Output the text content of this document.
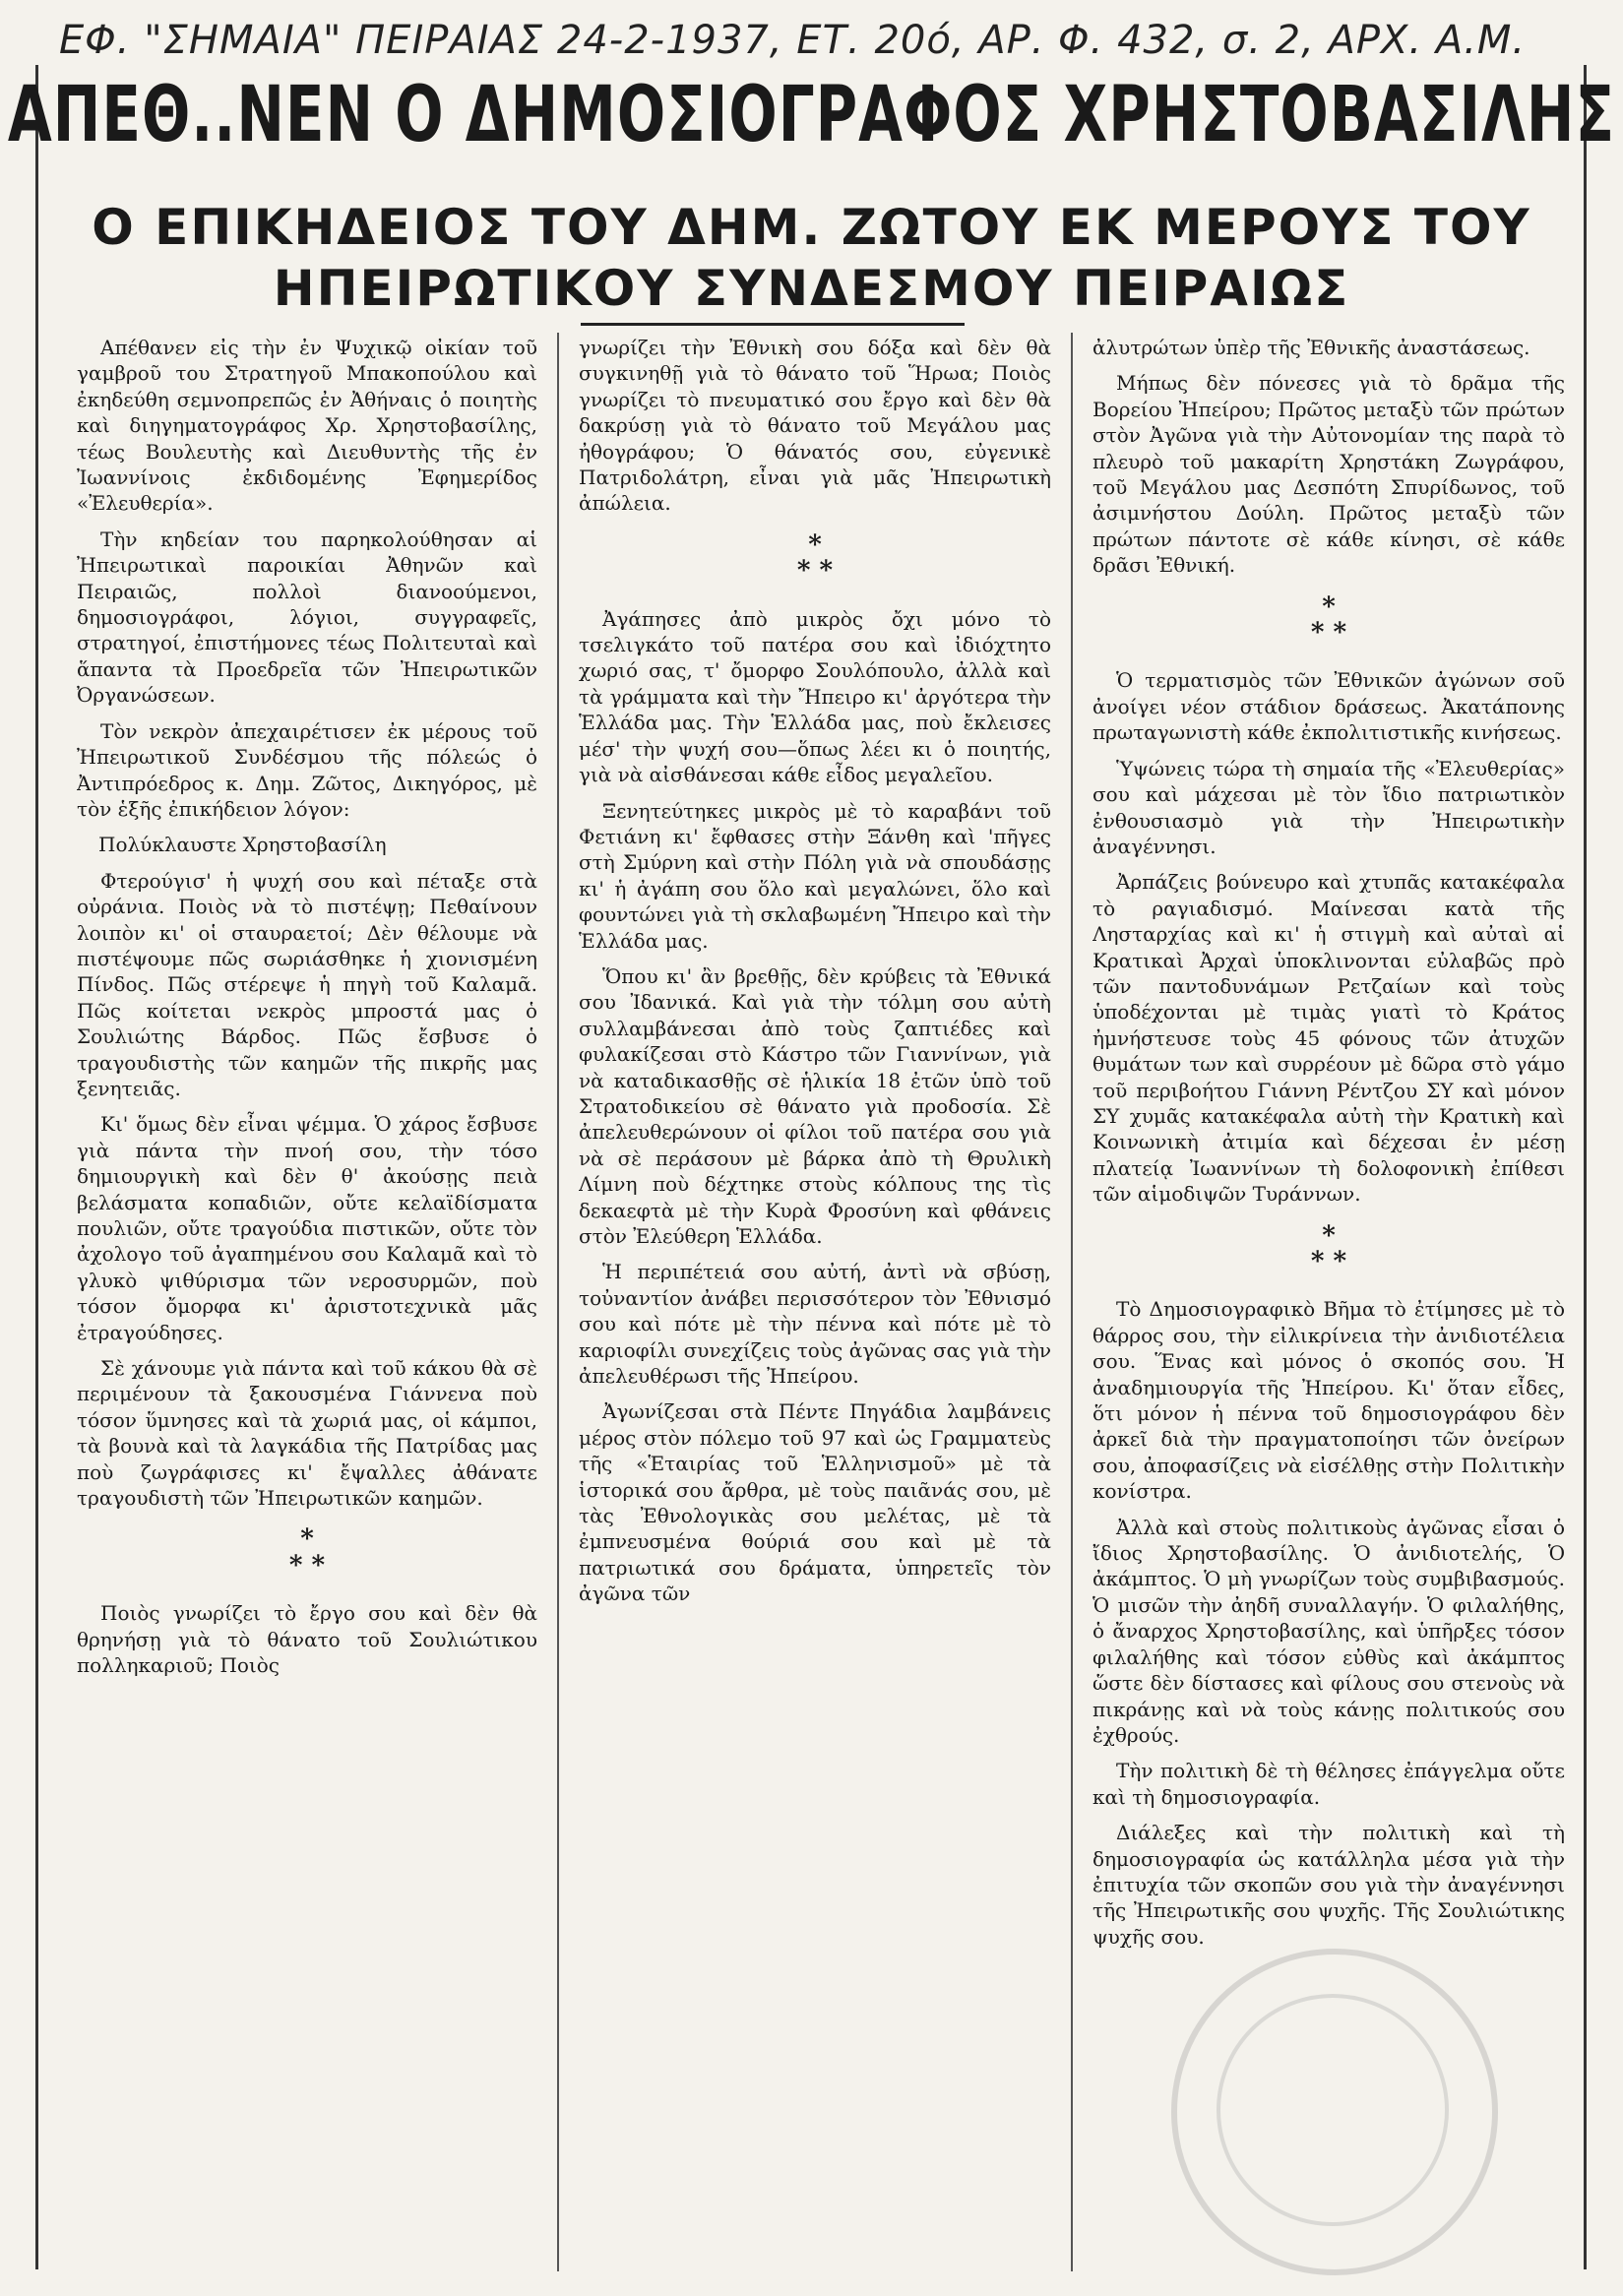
ΕΦ. "ΣΗΜΑΙΑ" ΠΕΙΡΑΙΑΣ 24-2-1937, ΕΤ. 20ό, ΑΡ. Φ. 432, σ. 2, ΑΡΧ. Α.Μ.
ΑΠΕΘ..ΝΕΝ Ο ΔΗΜΟΣΙΟΓΡΑΦΟΣ ΧΡΗΣΤΟΒΑΣΙΛΗΣ
Ο ΕΠΙΚΗΔΕΙΟΣ ΤΟΥ ΔΗΜ. ΖΩΤΟΥ ΕΚ ΜΕΡΟΥΣ ΤΟΥ
ΗΠΕΙΡΩΤΙΚΟΥ ΣΥΝΔΕΣΜΟΥ ΠΕΙΡΑΙΩΣ

Απέθανεν εἰς τὴν ἐν Ψυχικῷ οἰκίαν τοῦ γαμβροῦ του Στρατηγοῦ Μπακοπούλου καὶ ἐκηδεύθη σεμνοπρεπῶς ἐν Ἀθήναις ὁ ποιητὴς καὶ διηγηματογράφος Χρ. Χρηστοβασίλης, τέως Βουλευτὴς καὶ Διευθυντὴς τῆς ἐν Ἰωαννίνοις ἐκδιδομένης Ἐφημερίδος «Ἐλευθερία».

Τὴν κηδείαν του παρηκολούθησαν αἱ Ἠπειρωτικαὶ παροικίαι Ἀθηνῶν καὶ Πειραιῶς, πολλοὶ διανοούμενοι, δημοσιογράφοι, λόγιοι, συγγραφεῖς, στρατηγοί, ἐπιστήμονες τέως Πολιτευταὶ καὶ ἅπαντα τὰ Προεδρεῖα τῶν Ἠπειρωτικῶν Ὀργανώσεων.

Τὸν νεκρὸν ἀπεχαιρέτισεν ἐκ μέρους τοῦ Ἠπειρωτικοῦ Συνδέσμου τῆς πόλεώς ὁ Ἀντιπρόεδρος κ. Δημ. Ζῶτος, Δικηγόρος, μὲ τὸν ἑξῆς ἐπικήδειον λόγον:

Πολύκλαυστε Χρηστοβασίλη

Φτερούγισ' ἡ ψυχή σου καὶ πέταξε στὰ οὐράνια. Ποιὸς νὰ τὸ πιστέψῃ; Πεθαίνουν λοιπὸν κι' οἱ σταυραετοί; Δὲν θέλουμε νὰ πιστέψουμε πῶς σωριάσθηκε ἡ χιονισμένη Πίνδος. Πῶς στέρεψε ἡ πηγὴ τοῦ Καλαμᾶ. Πῶς κοίτεται νεκρὸς μπροστά μας ὁ Σουλιώτης Βάρδος. Πῶς ἔσβυσε ὁ τραγουδιστὴς τῶν καημῶν τῆς πικρῆς μας ξενητειᾶς.

Κι' ὅμως δὲν εἶναι ψέμμα. Ὁ χάρος ἔσβυσε γιὰ πάντα τὴν πνοή σου, τὴν τόσο δημιουργικὴ καὶ δὲν θ' ἀκούσῃς πειὰ βελάσματα κοπαδιῶν, οὔτε κελαϊδίσματα πουλιῶν, οὔτε τραγούδια πιστικῶν, οὔτε τὸν ἀχολογο τοῦ ἀγαπημένου σου Καλαμᾶ καὶ τὸ γλυκὸ ψιθύρισμα τῶν νεροσυρμῶν, ποὺ τόσον ὄμορφα κι' ἀριστοτεχνικὰ μᾶς ἐτραγούδησες.

Σὲ χάνουμε γιὰ πάντα καὶ τοῦ κάκου θὰ σὲ περιμένουν τὰ ξακουσμένα Γιάννενα ποὺ τόσον ὕμνησες καὶ τὰ χωριά μας, οἱ κάμποι, τὰ βουνὰ καὶ τὰ λαγκάδια τῆς Πατρίδας μας ποὺ ζωγράφισες κι' ἔψαλλες ἀθάνατε τραγουδιστὴ τῶν Ἠπειρωτικῶν καημῶν.

*
* *

Ποιὸς γνωρίζει τὸ ἔργο σου καὶ δὲν θὰ θρηνήσῃ γιὰ τὸ θάνατο τοῦ Σουλιώτικου πολληκαριοῦ; Ποιὸς

γνωρίζει τὴν Ἐθνικὴ σου δόξα καὶ δὲν θὰ συγκινηθῇ γιὰ τὸ θάνατο τοῦ Ἥρωα; Ποιὸς γνωρίζει τὸ πνευματικό σου ἔργο καὶ δὲν θὰ δακρύσῃ γιὰ τὸ θάνατο τοῦ Μεγάλου μας ἠθογράφου; Ὁ θάνατός σου, εὐγενικὲ Πατριδολάτρη, εἶναι γιὰ μᾶς Ἠπειρωτικὴ ἀπώλεια.

*
* *

Ἀγάπησες ἀπὸ μικρὸς ὄχι μόνο τὸ τσελιγκάτο τοῦ πατέρα σου καὶ ἰδιόχτητο χωριό σας, τ' ὄμορφο Σουλόπουλο, ἀλλὰ καὶ τὰ γράμματα καὶ τὴν Ἤπειρο κι' ἀργότερα τὴν Ἑλλάδα μας. Τὴν Ἑλλάδα μας, ποὺ ἔκλεισες μέσ' τὴν ψυχή σου—ὅπως λέει κι ὁ ποιητής, γιὰ νὰ αἰσθάνεσαι κάθε εἶδος μεγαλεῖου.

Ξενητεύτηκες μικρὸς μὲ τὸ καραβάνι τοῦ Φετιάνη κι' ἔφθασες στὴν Ξάνθη καὶ 'πῆγες στὴ Σμύρνη καὶ στὴν Πόλη γιὰ νὰ σπουδάσῃς κι' ἡ ἀγάπη σου ὅλο καὶ μεγαλώνει, ὅλο καὶ φουντώνει γιὰ τὴ σκλαβωμένη Ἤπειρο καὶ τὴν Ἑλλάδα μας.

Ὅπου κι' ἂν βρεθῇς, δὲν κρύβεις τὰ Ἐθνικά σου Ἰδανικά. Καὶ γιὰ τὴν τόλμη σου αὐτὴ συλλαμβάνεσαι ἀπὸ τοὺς ζαπτιέδες καὶ φυλακίζεσαι στὸ Κάστρο τῶν Γιαννίνων, γιὰ νὰ καταδικασθῇς σὲ ἡλικία 18 ἐτῶν ὑπὸ τοῦ Στρατοδικείου σὲ θάνατο γιὰ προδοσία. Σὲ ἀπελευθερώνουν οἱ φίλοι τοῦ πατέρα σου γιὰ νὰ σὲ περάσουν μὲ βάρκα ἀπὸ τὴ Θρυλικὴ Λίμνη ποὺ δέχτηκε στοὺς κόλπους της τὶς δεκαεφτὰ μὲ τὴν Κυρὰ Φροσύνη καὶ φθάνεις στὸν Ἐλεύθερη Ἑλλάδα.

Ἡ περιπέτειά σου αὐτή, ἀντὶ νὰ σβύσῃ, τοὐναντίον ἀνάβει περισσότερον τὸν Ἐθνισμό σου καὶ πότε μὲ τὴν πέννα καὶ πότε μὲ τὸ καριοφίλι συνεχίζεις τοὺς ἀγῶνας σας γιὰ τὴν ἀπελευθέρωσι τῆς Ἠπείρου.

Ἀγωνίζεσαι στὰ Πέντε Πηγάδια λαμβάνεις μέρος στὸν πόλεμο τοῦ 97 καὶ ὡς Γραμματεὺς τῆς «Ἑταιρίας τοῦ Ἑλληνισμοῦ» μὲ τὰ ἱστορικά σου ἄρθρα, μὲ τοὺς παιᾶνάς σου, μὲ τὰς Ἐθνολογικὰς σου μελέτας, μὲ τὰ ἐμπνευσμένα θούριά σου καὶ μὲ τὰ πατριωτικά σου δράματα, ὑπηρετεῖς τὸν ἀγῶνα τῶν

ἀλυτρώτων ὑπὲρ τῆς Ἐθνικῆς ἀναστάσεως.

Μήπως δὲν πόνεσες γιὰ τὸ δρᾶμα τῆς Βορείου Ἠπείρου; Πρῶτος μεταξὺ τῶν πρώτων στὸν Ἀγῶνα γιὰ τὴν Αὐτονομίαν της παρὰ τὸ πλευρὸ τοῦ μακαρίτη Χρηστάκη Ζωγράφου, τοῦ Μεγάλου μας Δεσπότη Σπυρίδωνος, τοῦ ἀσιμνήστου Δούλη. Πρῶτος μεταξὺ τῶν πρώτων πάντοτε σὲ κάθε κίνησι, σὲ κάθε δρᾶσι Ἐθνική.

*
* *

Ὁ τερματισμὸς τῶν Ἐθνικῶν ἀγώνων σοῦ ἀνοίγει νέον στάδιον δράσεως. Ἀκατάπονης πρωταγωνιστὴ κάθε ἐκπολιτιστικῆς κινήσεως.

Ὑψώνεις τώρα τὴ σημαία τῆς «Ἐλευθερίας» σου καὶ μάχεσαι μὲ τὸν ἴδιο πατριωτικὸν ἐνθουσιασμὸ γιὰ τὴν Ἠπειρωτικὴν ἀναγέννησι.

Ἀρπάζεις βούνευρο καὶ χτυπᾶς κατακέφαλα τὸ ραγιαδισμό. Μαίνεσαι κατὰ τῆς Λησταρχίας καὶ κι' ἡ στιγμὴ καὶ αὐταὶ αἱ Κρατικαὶ Ἀρχαὶ ὑποκλινονται εὐλαβῶς πρὸ τῶν παντοδυνάμων Ρετζαίων καὶ τοὺς ὑποδέχονται μὲ τιμὰς γιατὶ τὸ Κράτος ἠμνήστευσε τοὺς 45 φόνους τῶν ἀτυχῶν θυμάτων των καὶ συρρέουν μὲ δῶρα στὸ γάμο τοῦ περιβοήτου Γιάννη Ρέντζου ΣΥ καὶ μόνον ΣΥ χυμᾶς κατακέφαλα αὐτὴ τὴν Κρατικὴ καὶ Κοινωνικὴ ἀτιμία καὶ δέχεσαι ἐν μέσῃ πλατείᾳ Ἰωαννίνων τὴ δολοφονικὴ ἐπίθεσι τῶν αἱμοδιψῶν Τυράννων.

*
* *

Τὸ Δημοσιογραφικὸ Βῆμα τὸ ἐτίμησες μὲ τὸ θάρρος σου, τὴν εἰλικρίνεια τὴν ἀνιδιοτέλεια σου. Ἕνας καὶ μόνος ὁ σκοπός σου. Ἡ ἀναδημιουργία τῆς Ἠπείρου. Κι' ὅταν εἶδες, ὅτι μόνον ἡ πέννα τοῦ δημοσιογράφου δὲν ἀρκεῖ διὰ τὴν πραγματοποίησι τῶν ὀνείρων σου, ἀποφασίζεις νὰ εἰσέλθῃς στὴν Πολιτικὴν κονίστρα.

Ἀλλὰ καὶ στοὺς πολιτικοὺς ἀγῶνας εἶσαι ὁ ἴδιος Χρηστοβασίλης. Ὁ ἀνιδιοτελής, Ὁ ἀκάμπτος. Ὁ μὴ γνωρίζων τοὺς συμβιβασμούς. Ὁ μισῶν τὴν ἀηδῆ συναλλαγήν. Ὁ φιλαλήθης, ὁ ἄναρχος Χρηστοβασίλης, καὶ ὑπῆρξες τόσον φιλαλήθης καὶ τόσον εὐθὺς καὶ ἀκάμπτος ὥστε δὲν δίστασες καὶ φίλους σου στενοὺς νὰ πικράνῃς καὶ νὰ τοὺς κάνῃς πολιτικούς σου ἐχθρούς.

Τὴν πολιτικὴ δὲ τὴ θέλησες ἐπάγγελμα οὔτε καὶ τὴ δημοσιογραφία.

Διάλεξες καὶ τὴν πολιτικὴ καὶ τὴ δημοσιογραφία ὡς κατάλληλα μέσα γιὰ τὴν ἐπιτυχία τῶν σκοπῶν σου γιὰ τὴν ἀναγέννησι τῆς Ἠπειρωτικῆς σου ψυχῆς. Τῆς Σουλιώτικης ψυχῆς σου.
